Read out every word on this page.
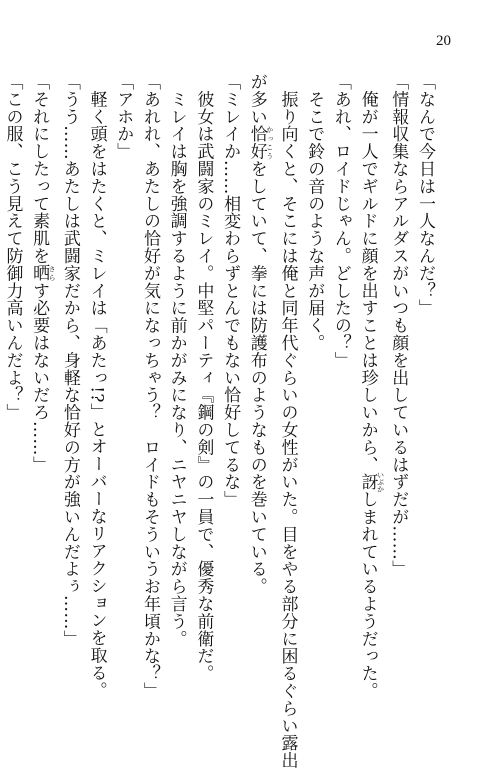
20
「なんで今日は一人なんだ？」
「情報収集ならアルダスがいつも顔を出しているはずだが……」
　俺が一人でギルドに顔を出すことは珍しいから、訝 いぶかしまれているようだった。
「あれ、ロイドじゃん。どしたの？」
　そこで鈴の音のような声が届く。
　振り向くと、そこには俺と同年代ぐらいの女性がいた。目をやる部分に困るぐらい露出
が多い恰好 かっこうをしていて、拳には防護布のようなものを巻いている。
「ミレイか……相変わらずとんでもない恰好してるな」
　彼女は武闘家のミレイ。中堅パーティ『鋼の剣』の一員で、優秀な前衛だ。
　ミレイは胸を強調するように前かがみになり、ニヤニヤしながら言う。
「あれれ、あたしの恰好が気になっちゃう？　ロイドもそういうお年頃かな？」
「アホか」
　軽く頭をはたくと、ミレイは「あたっ!?」とオーバーなリアクションを取る。
「うう……あたしは武闘家だから、身軽な恰好の方が強いんだよぅ……」
「それにしたって素肌を晒 さらす必要はないだろ……」
「この服、こう見えて防御力高いんだよ？」
